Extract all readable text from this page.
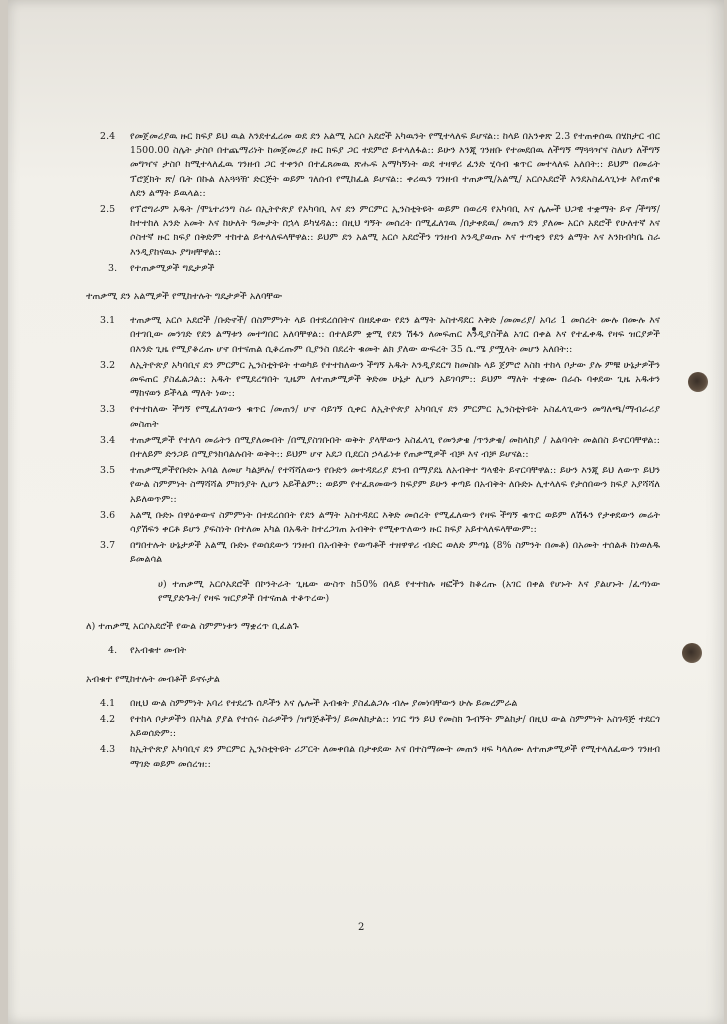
2.4 የመጀመሪያዉ ዙር ክፍያ ይህ ዉል እንደተፈረመ ወደ ደን አልሚ አርሶ አደሮች አካዉንት የሚተላለፍ ይሆናል:: ከላይ በአንቀጽ 2.3 የተጠቀሰዉ በሄክታር ብር 1500.00 ስሌት ታስቦ በተጨማሪነት ከመጀመሪያ ዙር ክፍያ ጋር ተደምሮ ይተላለፋል:: ይሁን እንጂ ገንዘቡ የተመደበዉ ለችግኝ ማጓጓዣና ስለሆነ ለችግኝ መግዣና ታስቦ ከሚተላለፈዉ ገንዘብ ጋር ተቀንሶ በተፈጸመዉ ጽሑፍ አማካኝነት ወደ ተዛዋሪ ፈንድ ሂሳብ ቁጥር መተላለፍ አለበት:: ይህም በመሬት ፕሮጀክት ጽ/ ቤት በኩል ለአጓጓዥ ድርጅት ወይም ገለሰብ የሚከፈል ይሆናል:: ቀሪዉን ገንዘብ ተጠቃሚ/አልሚ/ አርሶአደሮች እንደአስፈላጊነቱ እየጠየቁ ለደን ልማት ይዉላል::
2.5 የፕሮግራም አዱት /ሞኒተሪንግ ስራ በኢትዮጵያ የአካባቢ እና ደን ምርምር ኢንስቲትዩት ወይም በወረዳ የአካባቢ እና ሌሎች ህጋዊ ተቋማት ይኖ /ችግኝ/ ከተተከለ አንድ አመት እና ከሁለት ዓመታት በኋላ ይካሄዳል:: በዚህ ግኝት መሰረት በሚፈለገዉ /በታቀደዉ/ መጠን ደን ያለሙ አርሶ አደሮች የሁለተኛ እና ሶስተኛ ዙር ክፍያ በቅድም ተከተል ይተላለፍላቸዋል:: ይህም ደን አልሚ አርሶ አደሮችን ገንዘብ እንዲያወጡ እና ተጣቂን የደን ልማት እና እንክብካቤ ስራ እንዲያከናዉኑ ያግዛቸዋል::
3. የተጠቃሚዎች ግዴታዎች
ተጠቃሚ ደን አልሚዎች የሚከተሉት ግዴታዎች አለባቸው
3.1 ተጠቃሚ አርሶ አደሮች /ቡድኖች/ በስምምነት ላይ በተደረሰበትና በዘዴቀው የደን ልማት አስተዳደር እቅድ /መመሪያ/ አባሪ 1 መሰረት ሙሉ በሙሉ እና በተገቢው መንገድ የደን ልማቱን መተግበር አለባቸዋል:: በተለይም ቋሚ የደን ሽፋን ለመፍጠር እንዲያስችል አገር በቀል እና የተፈቀዱ የዛፍ ዝርያዎች በእንድ ጊዜ የሚያቆረጡ ሆኖ በተናጠል ሲቆረጡም ቢያንስ በደረት ቁመት ልክ ያለው ውፍረት 35 ሴ.ሜ ያሟላት መሆን አለበት::
3.2 ለኢትዮጵያ አካባቢና ደን ምርምር ኢንስቲትዩት ተወካይ የተተከለውን ችግኝ አዱት እንዲያደርግ ከመስኩ ላይ ጀምሮ እስከ ተከላ ቦታው ያሉ ምቹ ሁኔታዎችን መፍጠር ያስፈልጋል:: አዱት የሚደረግበት ጊዜም ለተጠቃሚዎች ቅድመ ሁኔታ ሊሆን አይገባም:: ይህም ማለት ተቋሙ በራሱ ባቀደው ጊዜ አዱቱን ማከናወን ይችላል ማለት ነው::
3.3 የተተከለው ችግኝ የሚፈለገውን ቁጥር /መጠን/ ሆኖ ሳይገኝ ሲቀር ለኢትዮጵያ አካባቢና ደን ምርምር ኢንስቲትዩት አስፈላጊውን መግለጫ/ማብራሪያ መስጠት
3.4 ተጠቃሚዎች የተለሳ መሬትን በሚያለሙበት /በሚያስገቡበት ወቅት ያላቸውን አስፈላጊ የመንቃቄ /ጥንቃቄ/ መከላከያ / አልባሳት መልበስ ይኖርባቸዋል:: በተለይም ድንጋይ በሚያንከባልሉበት ወቅት:: ይህም ሆኖ አደጋ ቢደርስ ኃላፊነቱ የጠቃሚዎች ብቻ እና ብቻ ይሆናል::
3.5 ተጠቃሚዎችየቡድኑ አባል ለመሆ ካልቻሉ/ የተሻሻለውን የቡድን መተዳደሪያ ደንብ በማያደኒ ለአብቅተ ግላዊት ይኖርባቸዋል:: ይሁን እንጂ ይህ ለውጥ ይህን የውል ስምምነት ስማሻሻል ምክንያት ሊሆን አይችልም:: ወይም የተፈጸመውን ክፍያም ይሁን ቀጣይ በአብቅት ለቡድኑ ሊተላለፍ የታሰበውን ክፍያ አያሻሻለ አይለወጥም::
3.6 አልሚ ቡድኑ በዋዕቀውና ስምምነት በተደረሰበት የደን ልማት አስተዳደር እቅድ መሰረት የሚፈለውን የዛፍ ችግኝ ቁጥር ወይም ለሽፋን የታቀደውን መሬት ሳያሽፍን ቀርቶ ይሆን ያፍስነት በተለመ አካል በአዱት ከተረጋገጠ አብቅት የሚቀጥለውን ዙር ክፍያ አይተላለፍላቸውም::
3.7 በግበተሉት ሁኔታዎች አልሚ ቡድኑ የወሰደውን ገንዘብ በአብቅት የወጣቶች ተዘዋዋሪ ብድር ወለድ ምጣኔ (8% ስምንት በመቶ) በአመት ተሰልቶ ከነወለዱ ይመልሳል
ሀ) ተጠቃሚ አርሶአደሮች በኮንትራት ጊዜው ውስጥ ከ50% በላይ የተተከሉ ዛፎችን ከቆረጡ (አገር በቀል የሆኑት እና ያልሆኑት /ፈጣነው የሚያድጉት/ የዛፍ ዝርያዎች በተናጠል ተቆጥረው)
ለ) ተጠቃሚ አርሶአደሮች የውል ስምምነቱን ማቋረጥ ቢፈልጉ
4. የአብቁተ መብት
አብቁተ የሚከተሉት መብቶች ይኖሩታል
4.1 በዚህ ውል ስምምነት አባሪ የተደረጉ ሰዶችን እና ሌሎች አብቁት ያስፈልጋሉ ብሎ ያመነባቸውን ሁሉ ይመረምራል
4.2 የተከላ ቦታዎችን በአካል ያያል የተሰሩ ስራዎችን /ዝግጅቶችን/ ይመለከታል:: ነገር ግን ይህ የመስክ ጉብኝት ምልከታ/ በዚህ ውል ስምምነት አስገዳጅ ተደርጎ አይወሰድም::
4.3 ከኢትዮጵያ አካባቢና ደን ምርምር ኢንስቲትዩት ሪፖርት ለመቀበል በታቀደው እና በተስማሙት መጠን ዛፍ ካላለሙ ለተጠቃሚዎች የሚተላለፈውን ገንዘብ ማገድ ወይም መሰረዝ::
2
